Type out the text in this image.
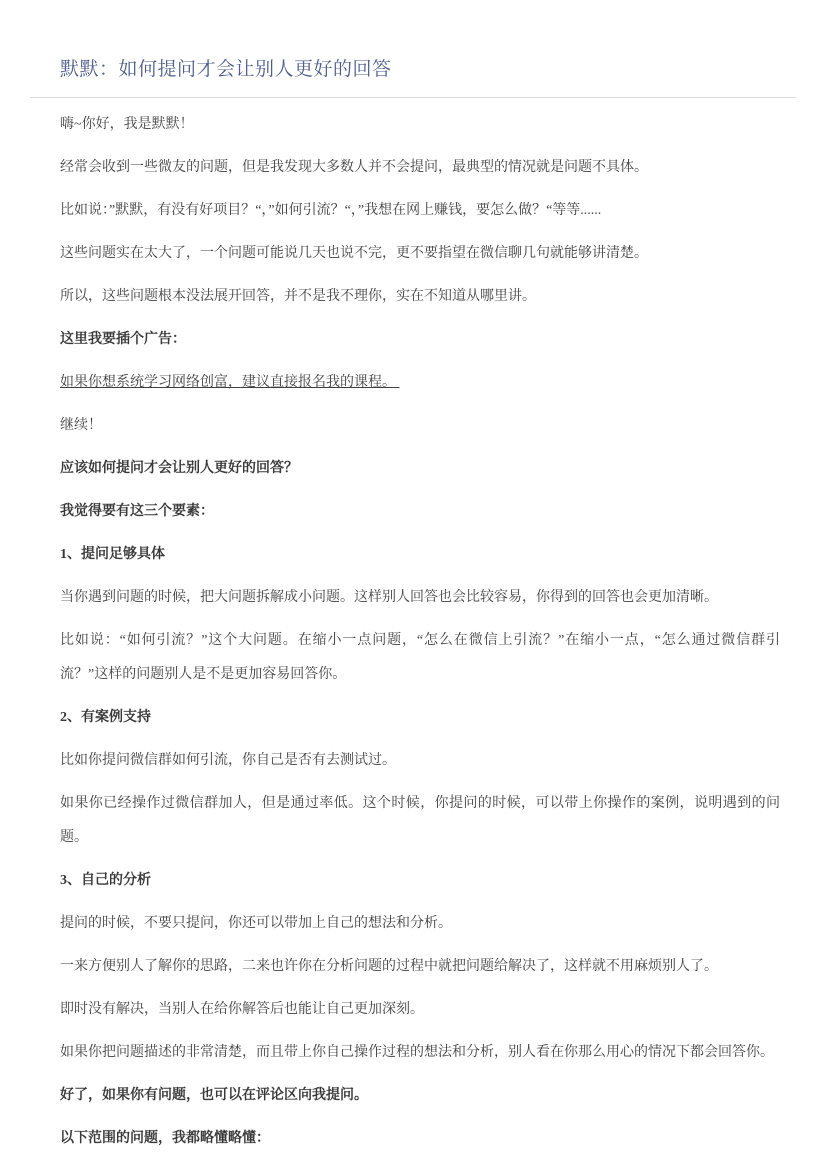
默默：如何提问才会让别人更好的回答

嗨~你好，我是默默！

经常会收到一些微友的问题，但是我发现大多数人并不会提问，最典型的情况就是问题不具体。

比如说：”默默，有没有好项目？“，”如何引流？“，”我想在网上赚钱，要怎么做？“等等......

这些问题实在太大了，一个问题可能说几天也说不完，更不要指望在微信聊几句就能够讲清楚。

所以，这些问题根本没法展开回答，并不是我不理你，实在不知道从哪里讲。

这里我要插个广告：

如果你想系统学习网络创富，建议直接报名我的课程。

继续！

应该如何提问才会让别人更好的回答？

我觉得要有这三个要素：

1、提问足够具体

当你遇到问题的时候，把大问题拆解成小问题。这样别人回答也会比较容易，你得到的回答也会更加清晰。

比如说：“如何引流？”这个大问题。在缩小一点问题，“怎么在微信上引流？”在缩小一点，“怎么通过微信群引流？”这样的问题别人是不是更加容易回答你。

2、有案例支持

比如你提问微信群如何引流，你自己是否有去测试过。

如果你已经操作过微信群加人，但是通过率低。这个时候，你提问的时候，可以带上你操作的案例，说明遇到的问题。

3、自己的分析

提问的时候，不要只提问，你还可以带加上自己的想法和分析。

一来方便别人了解你的思路，二来也许你在分析问题的过程中就把问题给解决了，这样就不用麻烦别人了。

即时没有解决，当别人在给你解答后也能让自己更加深刻。

如果你把问题描述的非常清楚，而且带上你自己操作过程的想法和分析，别人看在你那么用心的情况下都会回答你。

好了，如果你有问题，也可以在评论区向我提问。

以下范围的问题，我都略懂略懂：
